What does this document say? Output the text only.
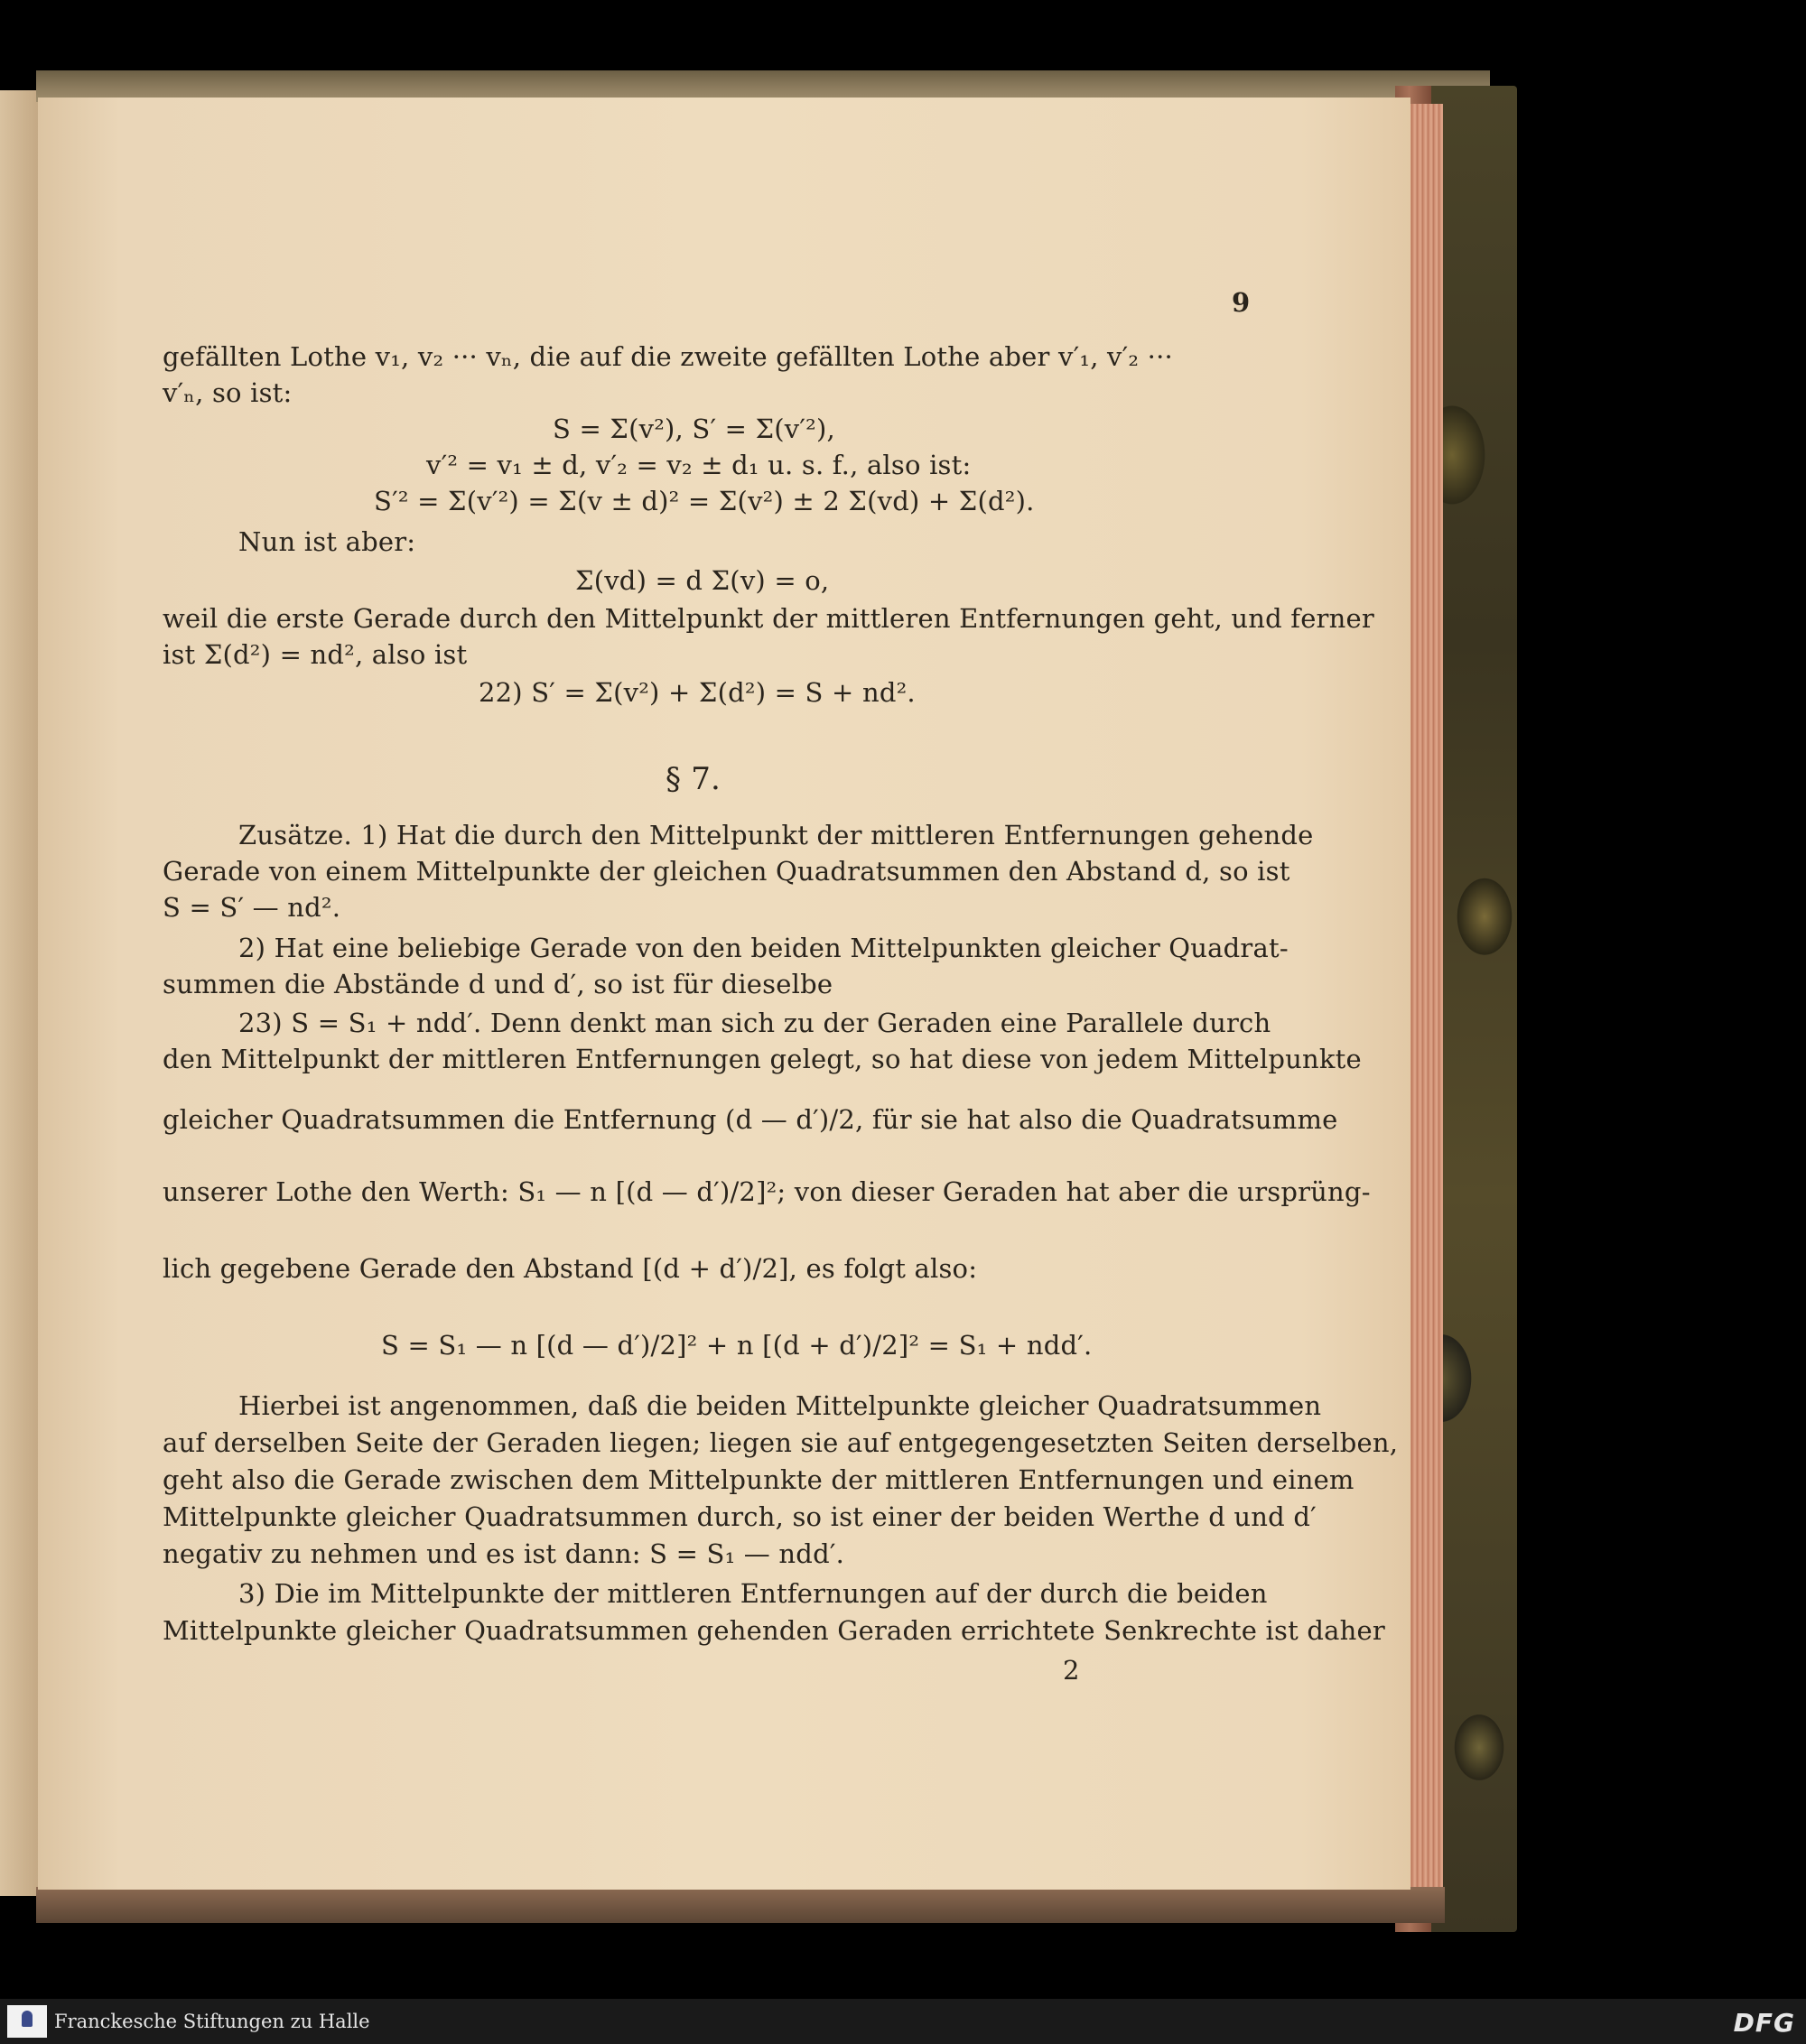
9
gefällten Lothe v₁, v₂ ··· vₙ, die auf die zweite gefällten Lothe aber v′₁, v′₂ ···
v′ₙ, so ist:
S = Σ(v²), S′ = Σ(v′²),
v′² = v₁ ± d, v′₂ = v₂ ± d₁ u. s. f., also ist:
S′² = Σ(v′²) = Σ(v ± d)² = Σ(v²) ± 2 Σ(vd) + Σ(d²).
Nun ist aber:
Σ(vd) = d Σ(v) = o,
weil die erste Gerade durch den Mittelpunkt der mittleren Entfernungen geht, und ferner
ist Σ(d²) = nd², also ist
22) S′ = Σ(v²) + Σ(d²) = S + nd².
§ 7.
Zusätze. 1) Hat die durch den Mittelpunkt der mittleren Entfernungen gehende
Gerade von einem Mittelpunkte der gleichen Quadratsummen den Abstand d, so ist
S = S′ — nd².
2) Hat eine beliebige Gerade von den beiden Mittelpunkten gleicher Quadrat-
summen die Abstände d und d′, so ist für dieselbe
23) S = S₁ + ndd′. Denn denkt man sich zu der Geraden eine Parallele durch
den Mittelpunkt der mittleren Entfernungen gelegt, so hat diese von jedem Mittelpunkte
gleicher Quadratsummen die Entfernung (d — d′)/2, für sie hat also die Quadratsumme
unserer Lothe den Werth: S₁ — n [(d — d′)/2]²; von dieser Geraden hat aber die ursprüng-
lich gegebene Gerade den Abstand [(d + d′)/2], es folgt also:
S = S₁ — n [(d — d′)/2]² + n [(d + d′)/2]² = S₁ + ndd′.
Hierbei ist angenommen, daß die beiden Mittelpunkte gleicher Quadratsummen
auf derselben Seite der Geraden liegen; liegen sie auf entgegengesetzten Seiten derselben,
geht also die Gerade zwischen dem Mittelpunkte der mittleren Entfernungen und einem
Mittelpunkte gleicher Quadratsummen durch, so ist einer der beiden Werthe d und d′
negativ zu nehmen und es ist dann: S = S₁ — ndd′.
3) Die im Mittelpunkte der mittleren Entfernungen auf der durch die beiden
Mittelpunkte gleicher Quadratsummen gehenden Geraden errichtete Senkrechte ist daher
2
Franckesche Stiftungen zu Halle	DFG
